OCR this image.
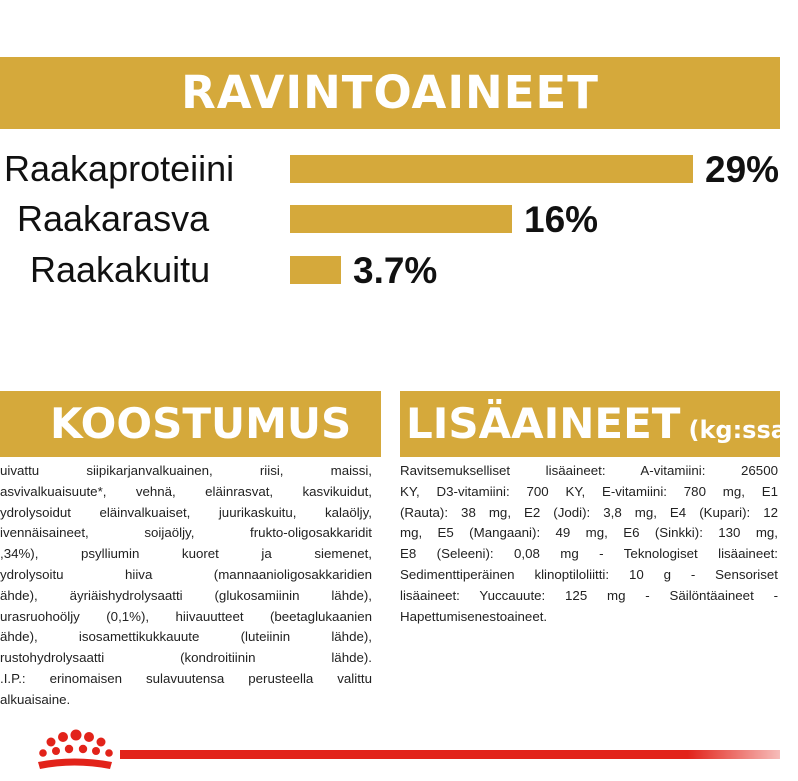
RAVINTOAINEET
Raakaproteiini	29%
Raakarasva	16%
Raakakuitu	3.7%
KOOSTUMUS
uivattu siipikarjanvalkuainen, riisi, maissi,
asvivalkuaisuute*, vehnä, eläinrasvat, kasvikuidut,
ydrolysoidut eläinvalkuaiset, juurikaskuitu, kalaöljy,
ivennäisaineet, soijaöljy, frukto-oligosakkaridit
,34%), psylliumin kuoret ja siemenet,
ydrolysoitu hiiva (mannaanioligosakkaridien
ähde), äyriäishydrolysaatti (glukosamiinin lähde),
urasruohoöljy (0,1%), hiivauutteet (beetaglukaanien
ähde), isosamettikukkauute (luteiinin lähde),
rustohydrolysaatti (kondroitiinin lähde).
.I.P.: erinomaisen sulavuutensa perusteella valittu
alkuaisaine.
LISÄAINEET (kg:ssa)
Ravitsemukselliset lisäaineet: A-vitamiini: 26500
KY, D3-vitamiini: 700 KY, E-vitamiini: 780 mg, E1
(Rauta): 38 mg, E2 (Jodi): 3,8 mg, E4 (Kupari): 12
mg, E5 (Mangaani): 49 mg, E6 (Sinkki): 130 mg,
E8 (Seleeni): 0,08 mg - Teknologiset lisäaineet:
Sedimenttiperäinen klinoptiloliitti: 10 g - Sensoriset
lisäaineet: Yuccauute: 125 mg - Säilöntäaineet -
Hapettumisenestoaineet.
